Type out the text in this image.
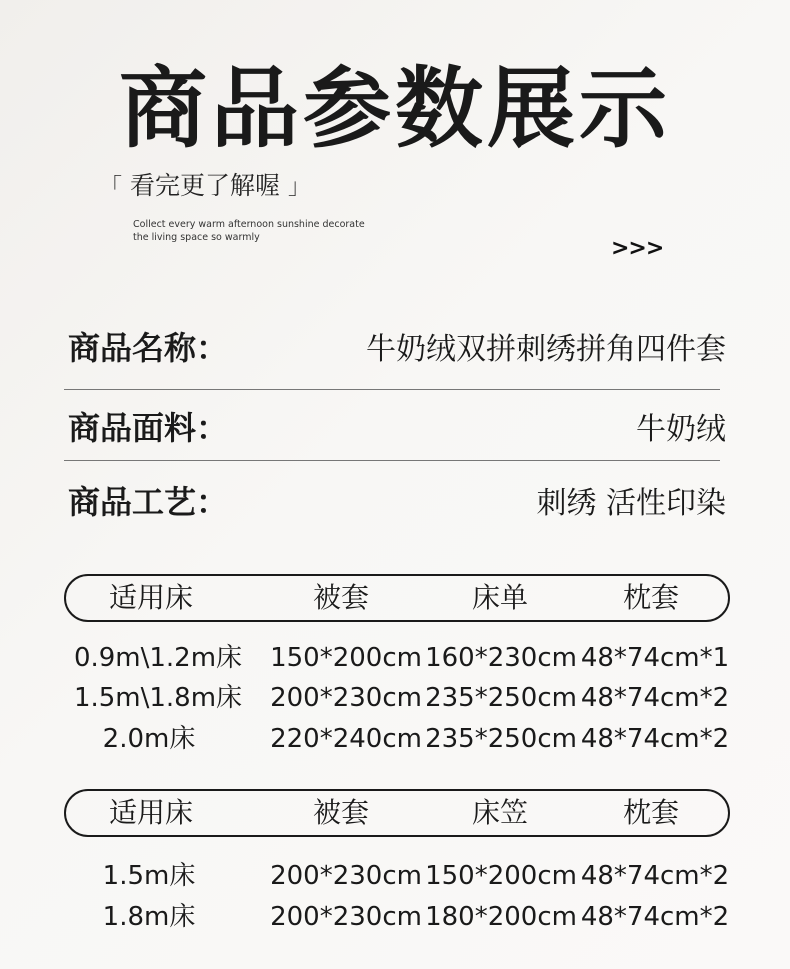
商品参数展示
「 看完更了解喔 」
Collect every warm afternoon sunshine decorate
the living space so warmly	>>>
商品名称：	牛奶绒双拼刺绣拼角四件套
商品面料：	牛奶绒
商品工艺：	刺绣 活性印染
适用床	被套	床单	枕套
0.9m\1.2m床 150*200cm 160*230cm 48*74cm*1
1.5m\1.8m床 200*230cm 235*250cm 48*74cm*2
2.0m床	220*240cm 235*250cm 48*74cm*2
适用床	被套	床笠	枕套
1.5m床	200*230cm 150*200cm 48*74cm*2
1.8m床	200*230cm 180*200cm 48*74cm*2
